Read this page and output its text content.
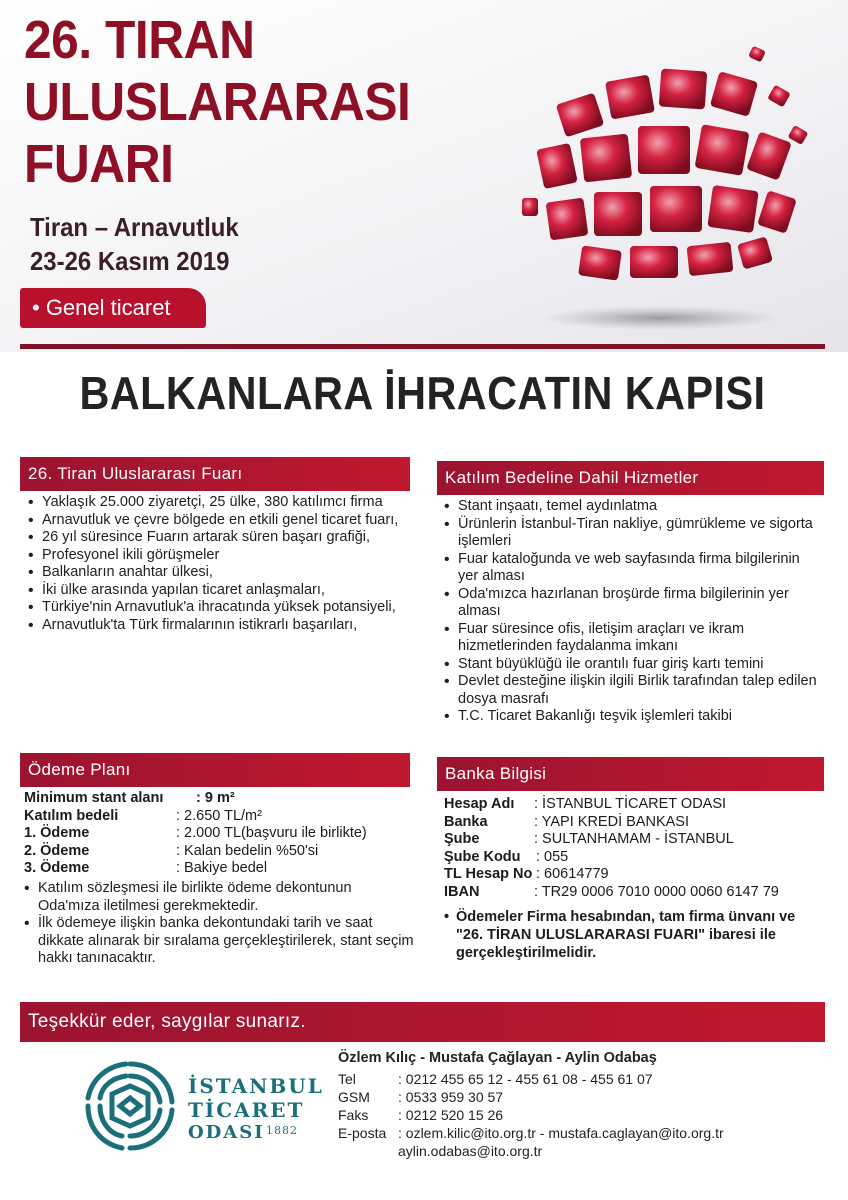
26. TIRAN
ULUSLARARASI
FUARI
Tiran – Arnavutluk
23-26 Kasım 2019
• Genel ticaret
BALKANLARA İHRACATIN KAPISI
26. Tiran Uluslararası Fuarı
• Yaklaşık 25.000 ziyaretçi, 25 ülke, 380 katılımcı firma
• Arnavutluk ve çevre bölgede en etkili genel ticaret fuarı,
• 26 yıl süresince Fuarın artarak süren başarı grafiği,
• Profesyonel ikili görüşmeler
• Balkanların anahtar ülkesi,
• İki ülke arasında yapılan ticaret anlaşmaları,
• Türkiye'nin Arnavutluk'a ihracatında yüksek potansiyeli,
• Arnavutluk'ta Türk firmalarının istikrarlı başarıları,
Katılım Bedeline Dahil Hizmetler
• Stant inşaatı, temel aydınlatma
• Ürünlerin İstanbul-Tiran nakliye, gümrükleme ve sigorta işlemleri
• Fuar kataloğunda ve web sayfasında firma bilgilerinin yer alması
• Oda'mızca hazırlanan broşürde firma bilgilerinin yer alması
• Fuar süresince ofis, iletişim araçları ve ikram hizmetlerinden faydalanma imkanı
• Stant büyüklüğü ile orantılı fuar giriş kartı temini
• Devlet desteğine ilişkin ilgili Birlik tarafından talep edilen dosya masrafı
• T.C. Ticaret Bakanlığı teşvik işlemleri takibi
Ödeme Planı
Minimum stant alanı : 9 m²
Katılım bedeli	: 2.650 TL/m²
1. Ödeme	: 2.000 TL(başvuru ile birlikte)
2. Ödeme	: Kalan bedelin %50'si
3. Ödeme	: Bakiye bedel
• Katılım sözleşmesi ile birlikte ödeme dekontunun Oda'mıza iletilmesi gerekmektedir.
• İlk ödemeye ilişkin banka dekontundaki tarih ve saat dikkate alınarak bir sıralama gerçekleştirilerek, stant seçim hakkı tanınacaktır.
Banka Bilgisi
Hesap Adı : İSTANBUL TİCARET ODASI
Banka	: YAPI KREDİ BANKASI
Şube	: SULTANHAMAM - İSTANBUL
Şube Kodu : 055
TL Hesap No : 60614779
IBAN	: TR29 0006 7010 0000 0060 6147 79
• Ödemeler Firma hesabından, tam firma ünvanı ve "26. TİRAN ULUSLARARASI FUARI" ibaresi ile gerçekleştirilmelidir.
Teşekkür eder, saygılar sunarız.
İSTANBUL
TİCARET
ODASI 1882
Özlem Kılıç - Mustafa Çağlayan - Aylin Odabaş
Tel	: 0212 455 65 12 - 455 61 08 - 455 61 07
GSM : 0533 959 30 57
Faks : 0212 520 15 26
E-posta : ozlem.kilic@ito.org.tr - mustafa.caglayan@ito.org.tr
aylin.odabas@ito.org.tr
